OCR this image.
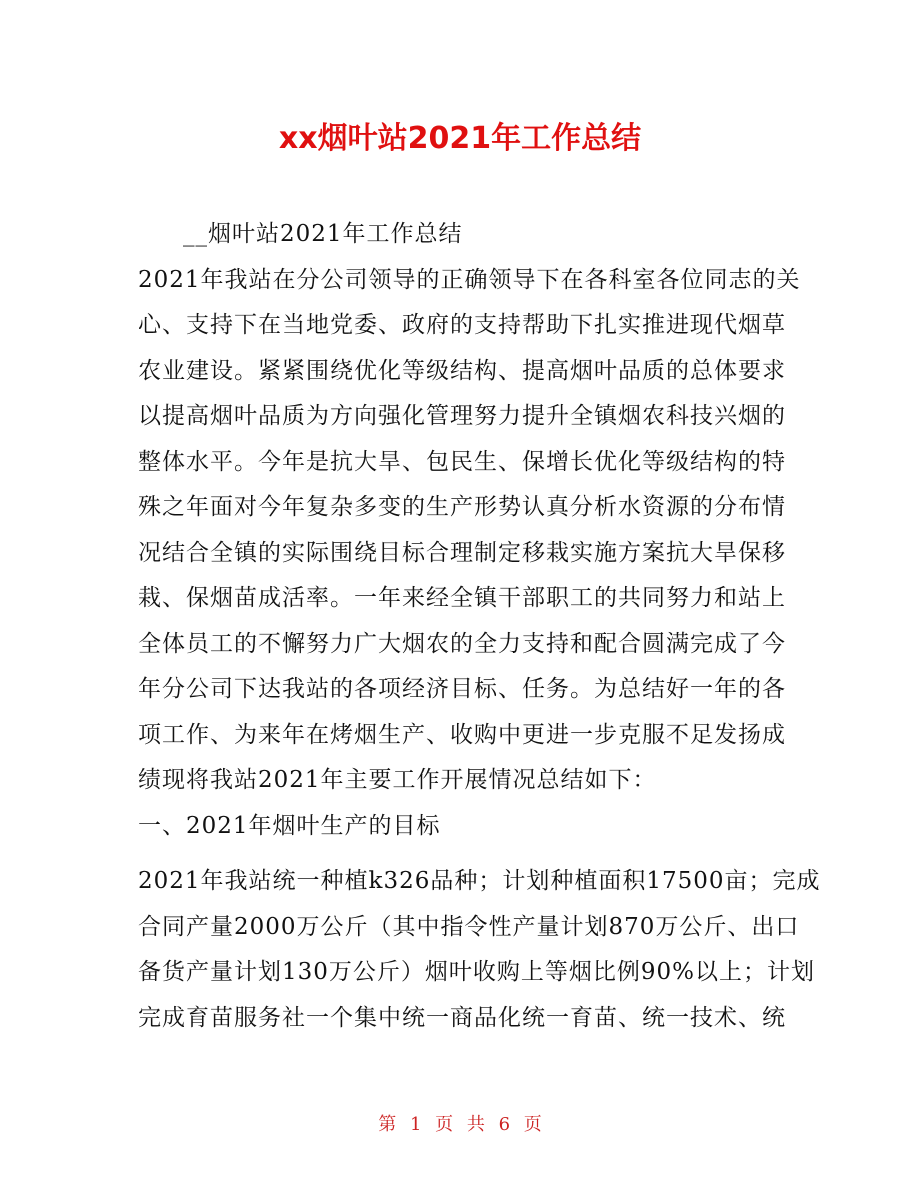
xx烟叶站2021年工作总结
__烟叶站2021年工作总结
2021年我站在分公司领导的正确领导下在各科室各位同志的关
心、支持下在当地党委、政府的支持帮助下扎实推进现代烟草
农业建设。紧紧围绕优化等级结构、提高烟叶品质的总体要求
以提高烟叶品质为方向强化管理努力提升全镇烟农科技兴烟的
整体水平。今年是抗大旱、包民生、保增长优化等级结构的特
殊之年面对今年复杂多变的生产形势认真分析水资源的分布情
况结合全镇的实际围绕目标合理制定移栽实施方案抗大旱保移
栽、保烟苗成活率。一年来经全镇干部职工的共同努力和站上
全体员工的不懈努力广大烟农的全力支持和配合圆满完成了今
年分公司下达我站的各项经济目标、任务。为总结好一年的各
项工作、为来年在烤烟生产、收购中更进一步克服不足发扬成
绩现将我站2021年主要工作开展情况总结如下：
一、2021年烟叶生产的目标
2021年我站统一种植k326品种；计划种植面积17500亩；完成
合同产量2000万公斤（其中指令性产量计划870万公斤、出口
备货产量计划130万公斤）烟叶收购上等烟比例90%以上；计划
完成育苗服务社一个集中统一商品化统一育苗、统一技术、统
第 1 页 共 6 页
